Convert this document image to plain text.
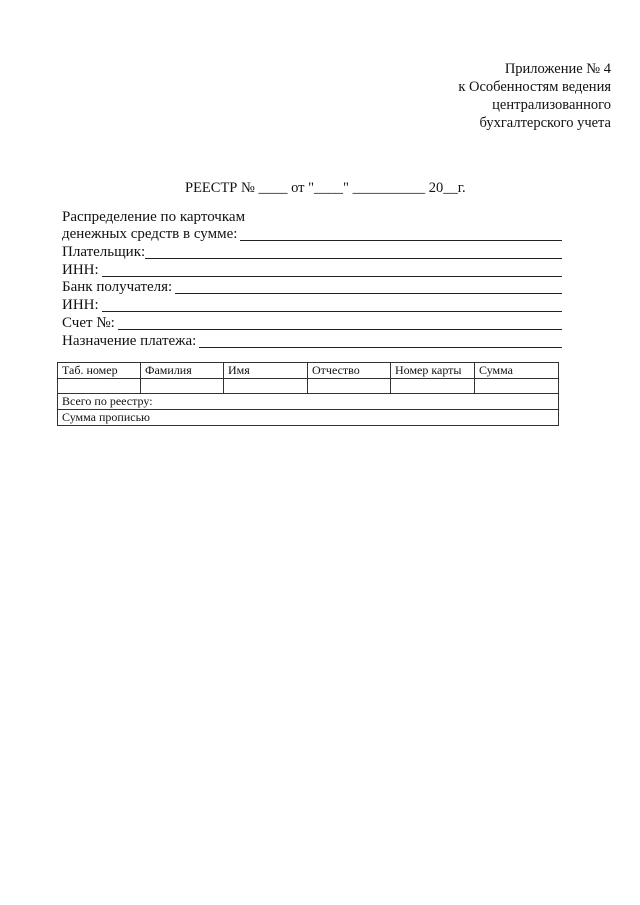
Приложение № 4
к Особенностям ведения
централизованного
бухгалтерского учета
РЕЕСТР № ____ от "____" __________ 20__г.
Распределение по карточкам
денежных средств в сумме:
Плательщик:
ИНН:
Банк получателя:
ИНН:
Счет №:
Назначение платежа:
Таб. номер	Фамилия	Имя	Отчество	Номер карты	Сумма

Всего по реестру:					
Сумма прописью					
